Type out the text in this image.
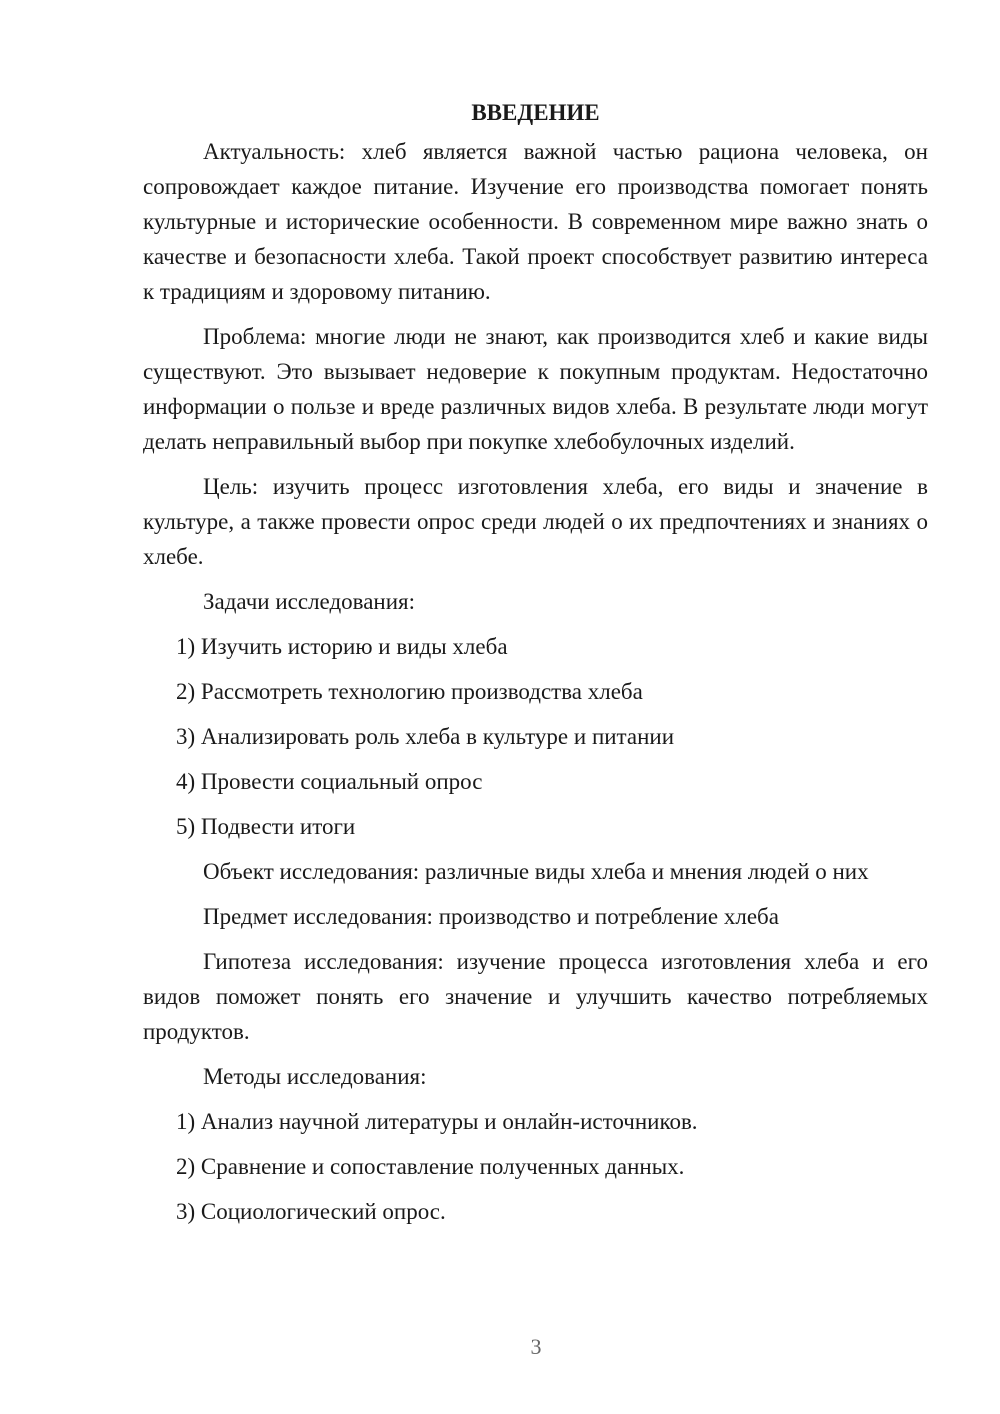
ВВЕДЕНИЕ

Актуальность: хлеб является важной частью рациона человека, он сопровождает каждое питание. Изучение его производства помогает понять культурные и исторические особенности. В современном мире важно знать о качестве и безопасности хлеба. Такой проект способствует развитию интереса к традициям и здоровому питанию.

Проблема: многие люди не знают, как производится хлеб и какие виды существуют. Это вызывает недоверие к покупным продуктам. Недостаточно информации о пользе и вреде различных видов хлеба. В результате люди могут делать неправильный выбор при покупке хлебобулочных изделий.

Цель: изучить процесс изготовления хлеба, его виды и значение в культуре, а также провести опрос среди людей о их предпочтениях и знаниях о хлебе.

Задачи исследования:

1) Изучить историю и виды хлеба

2) Рассмотреть технологию производства хлеба

3) Анализировать роль хлеба в культуре и питании

4) Провести социальный опрос

5) Подвести итоги

Объект исследования: различные виды хлеба и мнения людей о них

Предмет исследования: производство и потребление хлеба

Гипотеза исследования: изучение процесса изготовления хлеба и его видов поможет понять его значение и улучшить качество потребляемых продуктов.

Методы исследования:

1) Анализ научной литературы и онлайн-источников.

2) Сравнение и сопоставление полученных данных.

3) Социологический опрос.

3
